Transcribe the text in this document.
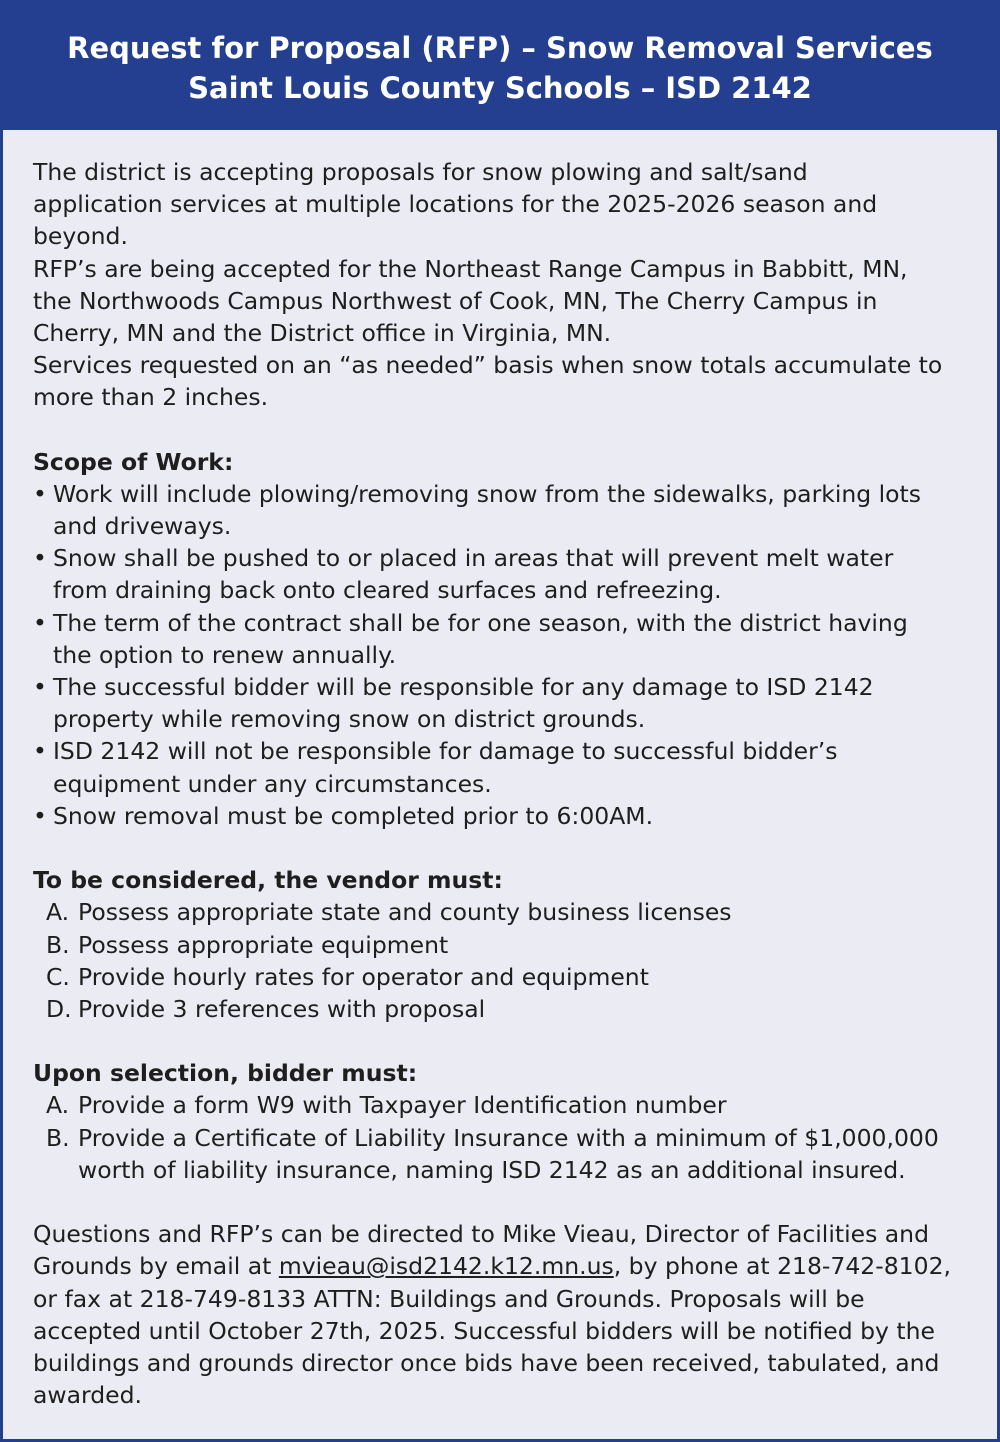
Request for Proposal (RFP) – Snow Removal Services
Saint Louis County Schools – ISD 2142
The district is accepting proposals for snow plowing and salt/sand
application services at multiple locations for the 2025-2026 season and
beyond.
RFP’s are being accepted for the Northeast Range Campus in Babbitt, MN,
the Northwoods Campus Northwest of Cook, MN, The Cherry Campus in
Cherry, MN and the District office in Virginia, MN.
Services requested on an “as needed” basis when snow totals accumulate to
more than 2 inches.
Scope of Work:
• Work will include plowing/removing snow from the sidewalks, parking lots
and driveways.
• Snow shall be pushed to or placed in areas that will prevent melt water
from draining back onto cleared surfaces and refreezing.
• The term of the contract shall be for one season, with the district having
the option to renew annually.
• The successful bidder will be responsible for any damage to ISD 2142
property while removing snow on district grounds.
• ISD 2142 will not be responsible for damage to successful bidder’s
equipment under any circumstances.
• Snow removal must be completed prior to 6:00AM.
To be considered, the vendor must:
A. Possess appropriate state and county business licenses
B. Possess appropriate equipment
C. Provide hourly rates for operator and equipment
D. Provide 3 references with proposal
Upon selection, bidder must:
A. Provide a form W9 with Taxpayer Identification number
B. Provide a Certificate of Liability Insurance with a minimum of $1,000,000
worth of liability insurance, naming ISD 2142 as an additional insured.
Questions and RFP’s can be directed to Mike Vieau, Director of Facilities and
Grounds by email at mvieau@isd2142.k12.mn.us, by phone at 218-742-8102,
or fax at 218-749-8133 ATTN: Buildings and Grounds. Proposals will be
accepted until October 27th, 2025. Successful bidders will be notified by the
buildings and grounds director once bids have been received, tabulated, and
awarded.
